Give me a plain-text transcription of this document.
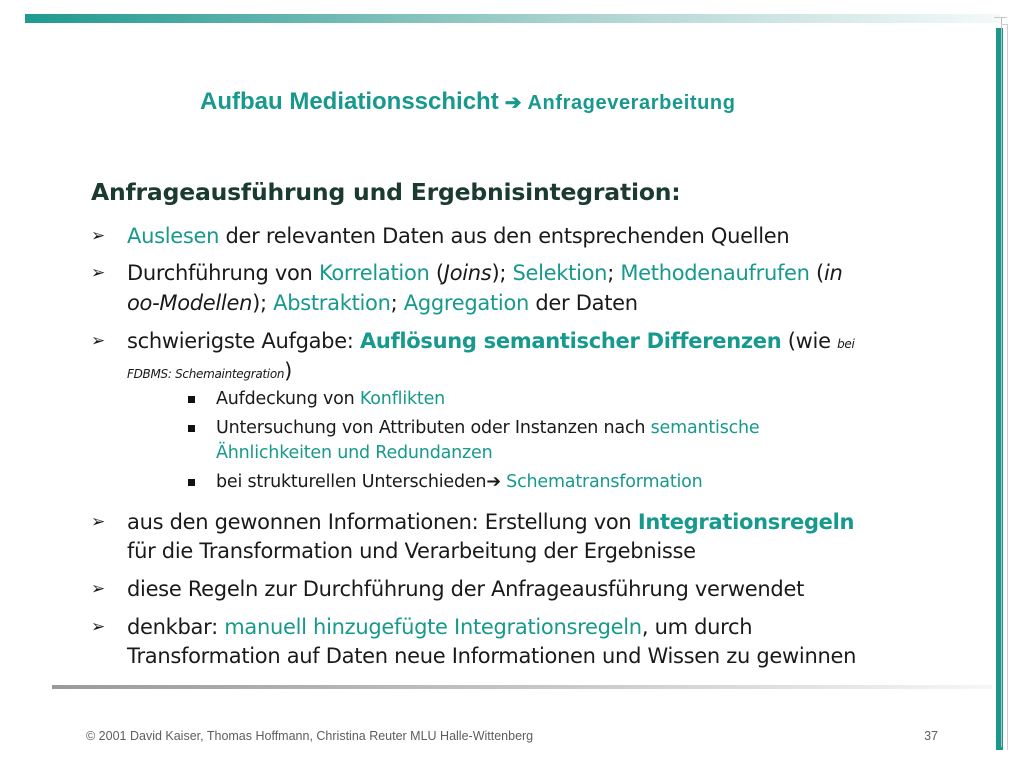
Aufbau Mediationsschicht ➔ Anfrageverarbeitung
Anfrageausführung und Ergebnisintegration:
➢	Auslesen der relevanten Daten aus den entsprechenden Quellen
➢	Durchführung von Korrelation (Joins); Selektion; Methodenaufrufen (in
oo-Modellen); Abstraktion; Aggregation der Daten
➢	schwierigste Aufgabe: Auflösung semantischer Differenzen (wie bei
FDBMS: Schemaintegration)
Aufdeckung von Konflikten
Untersuchung von Attributen oder Instanzen nach semantische
Ähnlichkeiten und Redundanzen
bei strukturellen Unterschieden➔ Schematransformation
➢	aus den gewonnen Informationen: Erstellung von Integrationsregeln
für die Transformation und Verarbeitung der Ergebnisse
➢	diese Regeln zur Durchführung der Anfrageausführung verwendet
➢	denkbar: manuell hinzugefügte Integrationsregeln, um durch
Transformation auf Daten neue Informationen und Wissen zu gewinnen
© 2001 David Kaiser, Thomas Hoffmann, Christina Reuter MLU Halle-Wittenberg	37
